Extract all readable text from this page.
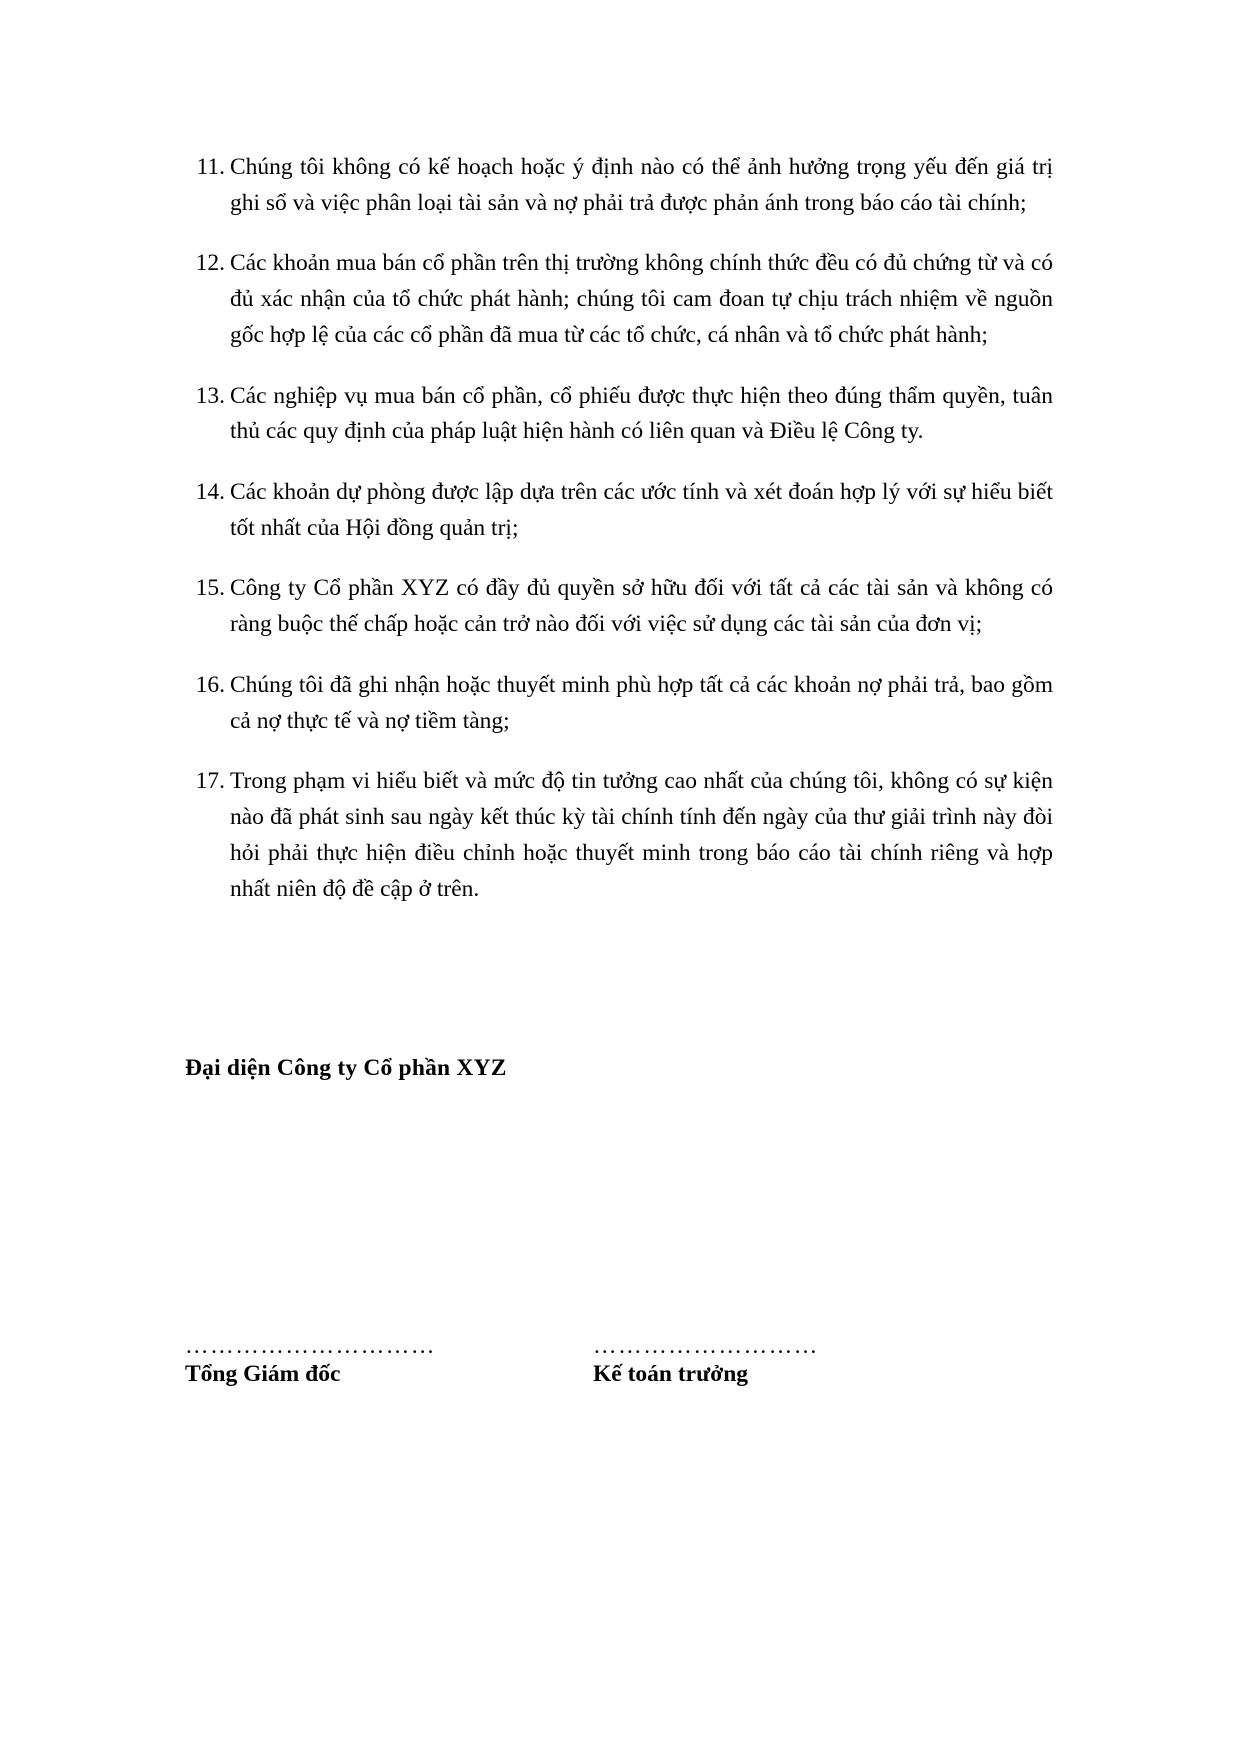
11. Chúng tôi không có kế hoạch hoặc ý định nào có thể ảnh hưởng trọng yếu đến giá trị ghi sổ và việc phân loại tài sản và nợ phải trả được phản ánh trong báo cáo tài chính;
12. Các khoản mua bán cổ phần trên thị trường không chính thức đều có đủ chứng từ và có đủ xác nhận của tổ chức phát hành; chúng tôi cam đoan tự chịu trách nhiệm về nguồn gốc hợp lệ của các cổ phần đã mua từ các tổ chức, cá nhân và tổ chức phát hành;
13. Các nghiệp vụ mua bán cổ phần, cổ phiếu được thực hiện theo đúng thẩm quyền, tuân thủ các quy định của pháp luật hiện hành có liên quan và Điều lệ Công ty.
14. Các khoản dự phòng được lập dựa trên các ước tính và xét đoán hợp lý với sự hiểu biết tốt nhất của Hội đồng quản trị;
15. Công ty Cổ phần XYZ có đầy đủ quyền sở hữu đối với tất cả các tài sản và không có ràng buộc thế chấp hoặc cản trở nào đối với việc sử dụng các tài sản của đơn vị;
16. Chúng tôi đã ghi nhận hoặc thuyết minh phù hợp tất cả các khoản nợ phải trả, bao gồm cả nợ thực tế và nợ tiềm tàng;
17. Trong phạm vi hiểu biết và mức độ tin tưởng cao nhất của chúng tôi, không có sự kiện nào đã phát sinh sau ngày kết thúc kỳ tài chính tính đến ngày của thư giải trình này đòi hỏi phải thực hiện điều chỉnh hoặc thuyết minh trong báo cáo tài chính riêng và hợp nhất niên độ đề cập ở trên.
Đại diện Công ty Cổ phần XYZ
…………………………
Tổng Giám đốc
………………………
Kế toán trưởng
